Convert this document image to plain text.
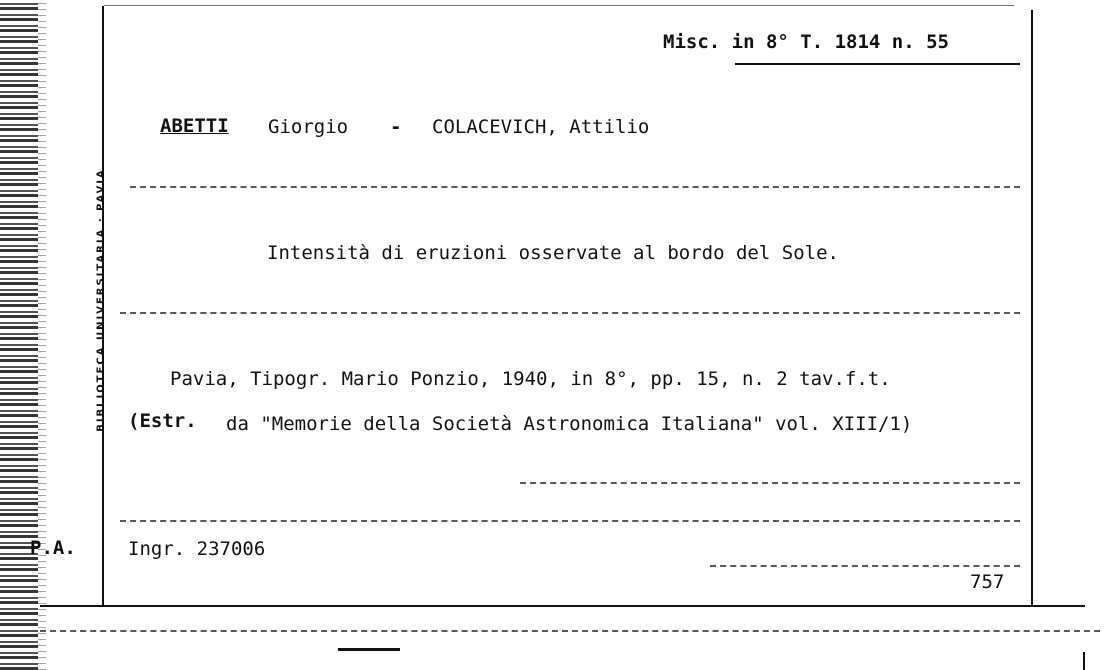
BIBLIOTECA UNIVERSITARIA · PAVIA
Misc. in 8° T. 1814 n. 55
ABETTI Giorgio - COLACEVICH, Attilio
Intensità di eruzioni osservate al bordo del Sole.
Pavia, Tipogr. Mario Ponzio, 1940, in 8°, pp. 15, n. 2 tav.f.t.
(Estr. da "Memorie della Società Astronomica Italiana" vol. XIII/1)
P.A.	Ingr. 237006
757
